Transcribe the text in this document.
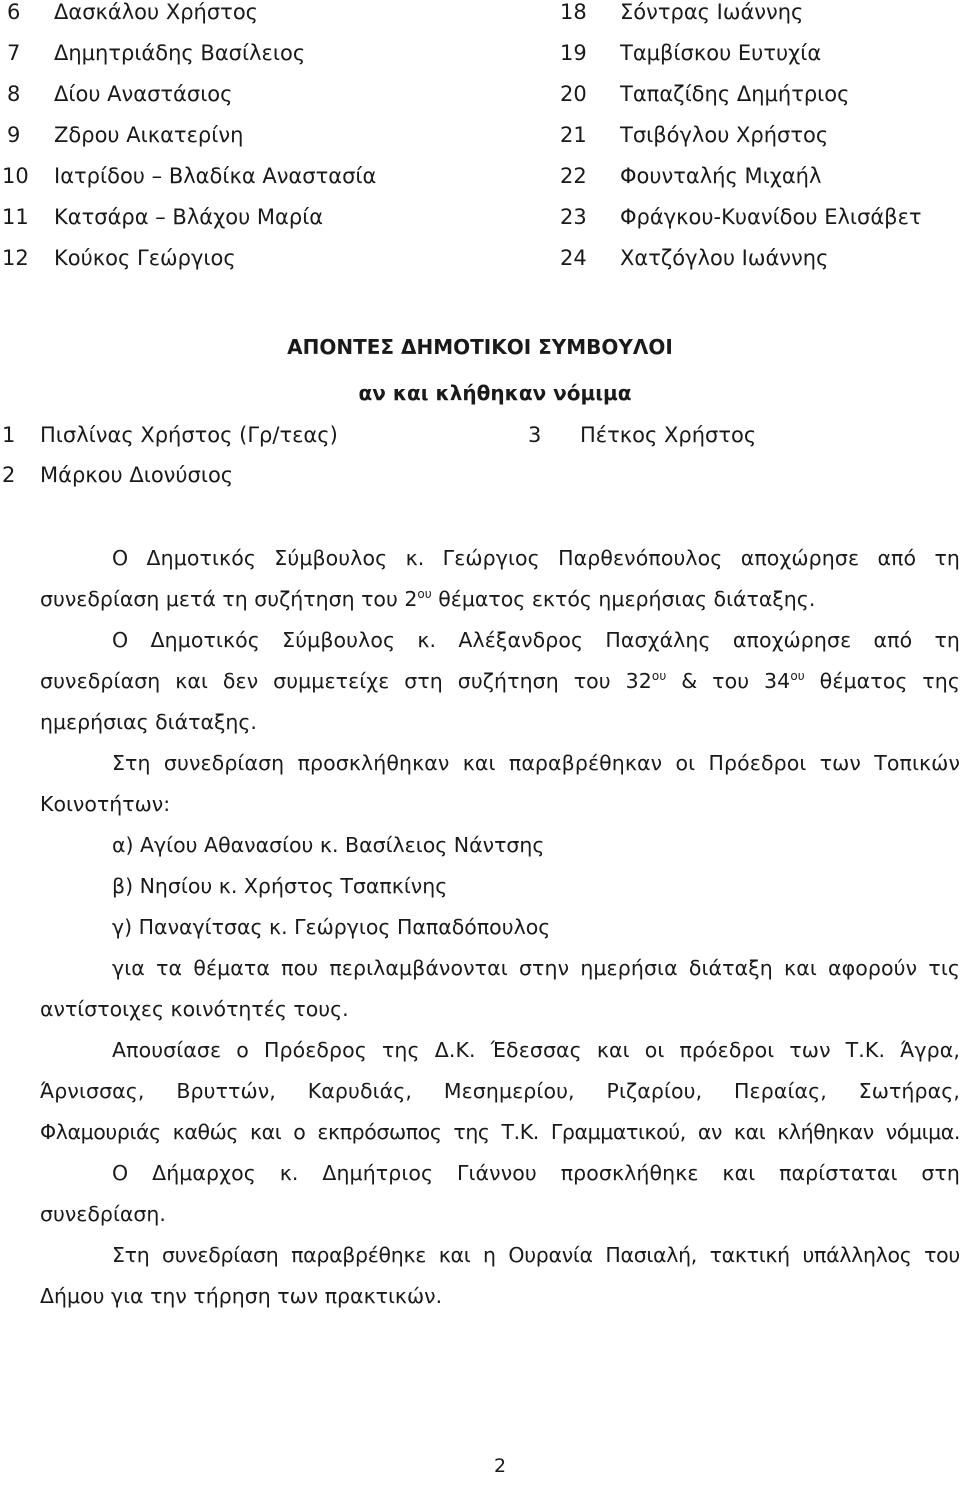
6 Δασκάλου Χρήστος	18 Σόντρας Ιωάννης
7 Δημητριάδης Βασίλειος	19 Ταμβίσκου Ευτυχία
8 Δίου Αναστάσιος	20 Ταπαζίδης Δημήτριος
9 Ζδρου Αικατερίνη	21 Τσιβόγλου Χρήστος
10 Ιατρίδου – Βλαδίκα Αναστασία	22 Φουνταλής Μιχαήλ
11 Κατσάρα – Βλάχου Μαρία	23 Φράγκου-Κυανίδου Ελισάβετ
12 Κούκος Γεώργιος	24 Χατζόγλου Ιωάννης
ΑΠΟΝΤΕΣ ΔΗΜΟΤΙΚΟΙ ΣΥΜΒΟΥΛΟΙ
αν και κλήθηκαν νόμιμα
1 Πισλίνας Χρήστος (Γρ/τεας)	3 Πέτκος Χρήστος
2 Μάρκου Διονύσιος

Ο Δημοτικός Σύμβουλος κ. Γεώργιος Παρθενόπουλος αποχώρησε από τη

συνεδρίαση μετά τη συζήτηση του $2^{o\upsilon}$ θέματος εκτός ημερήσιας διάταξης.

Ο Δημοτικός Σύμβουλος κ. Αλέξανδρος Πασχάλης αποχώρησε από τη

συνεδρίαση και δεν συμμετείχε στη συζήτηση του $32^{o\upsilon}$ & του $34^{o\upsilon}$ θέματος της

ημερήσιας διάταξης.

Στη συνεδρίαση προσκλήθηκαν και παραβρέθηκαν οι Πρόεδροι των Τοπικών

Κοινοτήτων:

α) Αγίου Αθανασίου κ. Βασίλειος Νάντσης

β) Νησίου κ. Χρήστος Τσαπκίνης

γ) Παναγίτσας κ. Γεώργιος Παπαδόπουλος

για τα θέματα που περιλαμβάνονται στην ημερήσια διάταξη και αφορούν τις

αντίστοιχες κοινότητές τους.

Απουσίασε ο Πρόεδρος της Δ.Κ. Έδεσσας και οι πρόεδροι των Τ.Κ. Άγρα,

Άρνισσας, Βρυττών, Καρυδιάς, Μεσημερίου, Ριζαρίου, Περαίας, Σωτήρας,

Φλαμουριάς καθώς και ο εκπρόσωπος της Τ.Κ. Γραμματικού, αν και κλήθηκαν νόμιμα.

Ο Δήμαρχος κ. Δημήτριος Γιάννου προσκλήθηκε και παρίσταται στη

συνεδρίαση.

Στη συνεδρίαση παραβρέθηκε και η Ουρανία Πασιαλή, τακτική υπάλληλος του

Δήμου για την τήρηση των πρακτικών.

2
